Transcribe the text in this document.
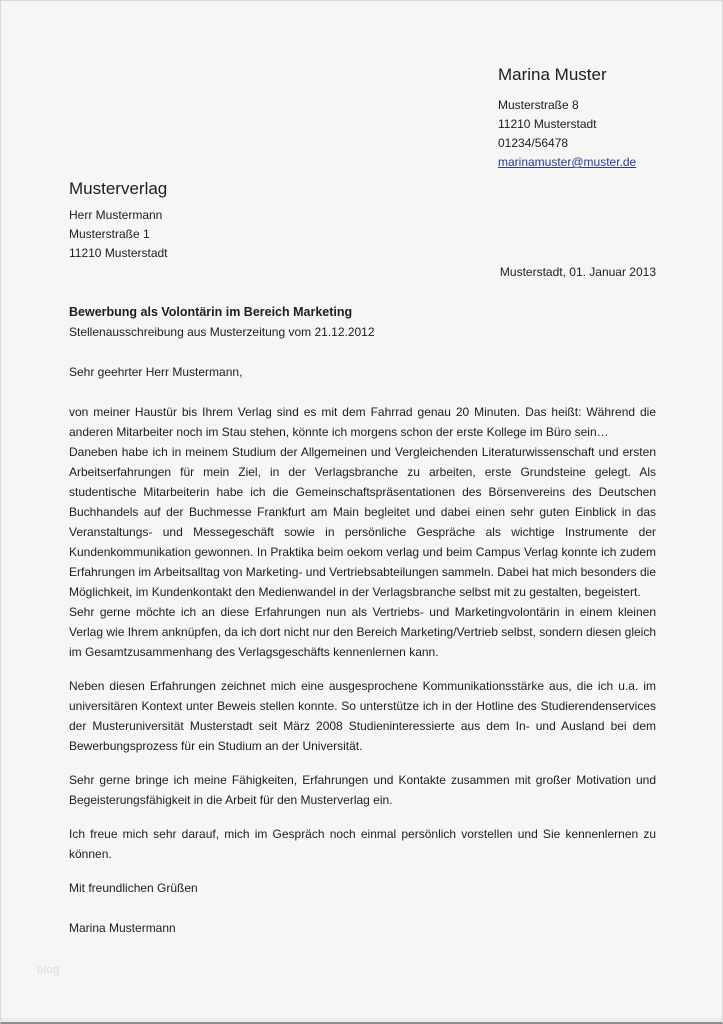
Marina Muster
Musterstraße 8
11210 Musterstadt
01234/56478
marinamuster@muster.de
Musterverlag
Herr Mustermann
Musterstraße 1
11210 Musterstadt
Musterstadt, 01. Januar 2013
Bewerbung als Volontärin im Bereich Marketing
Stellenausschreibung aus Musterzeitung vom 21.12.2012
Sehr geehrter Herr Mustermann,

von meiner Haustür bis Ihrem Verlag sind es mit dem Fahrrad genau 20 Minuten. Das heißt: Während die anderen Mitarbeiter noch im Stau stehen, könnte ich morgens schon der erste Kollege im Büro sein…

Daneben habe ich in meinem Studium der Allgemeinen und Vergleichenden Literaturwissenschaft und ersten Arbeitserfahrungen für mein Ziel, in der Verlagsbranche zu arbeiten, erste Grundsteine gelegt. Als studentische Mitarbeiterin habe ich die Gemeinschaftspräsentationen des Börsenvereins des Deutschen Buchhandels auf der Buchmesse Frankfurt am Main begleitet und dabei einen sehr guten Einblick in das Veranstaltungs- und Messegeschäft sowie in persönliche Gespräche als wichtige Instrumente der Kundenkommunikation gewonnen. In Praktika beim oekom verlag und beim Campus Verlag konnte ich zudem Erfahrungen im Arbeitsalltag von Marketing- und Vertriebsabteilungen sammeln. Dabei hat mich besonders die Möglichkeit, im Kundenkontakt den Medienwandel in der Verlagsbranche selbst mit zu gestalten, begeistert.

Sehr gerne möchte ich an diese Erfahrungen nun als Vertriebs- und Marketingvolontärin in einem kleinen Verlag wie Ihrem anknüpfen, da ich dort nicht nur den Bereich Marketing/Vertrieb selbst, sondern diesen gleich im Gesamtzusammenhang des Verlagsgeschäfts kennenlernen kann.

Neben diesen Erfahrungen zeichnet mich eine ausgesprochene Kommunikationsstärke aus, die ich u.a. im universitären Kontext unter Beweis stellen konnte. So unterstütze ich in der Hotline des Studierendenservices der Musteruniversität Musterstadt seit März 2008 Studieninteressierte aus dem In- und Ausland bei dem Bewerbungsprozess für ein Studium an der Universität.

Sehr gerne bringe ich meine Fähigkeiten, Erfahrungen und Kontakte zusammen mit großer Motivation und Begeisterungsfähigkeit in die Arbeit für den Musterverlag ein.

Ich freue mich sehr darauf, mich im Gespräch noch einmal persönlich vorstellen und Sie kennenlernen zu können.

Mit freundlichen Grüßen
Marina Mustermann
blog
